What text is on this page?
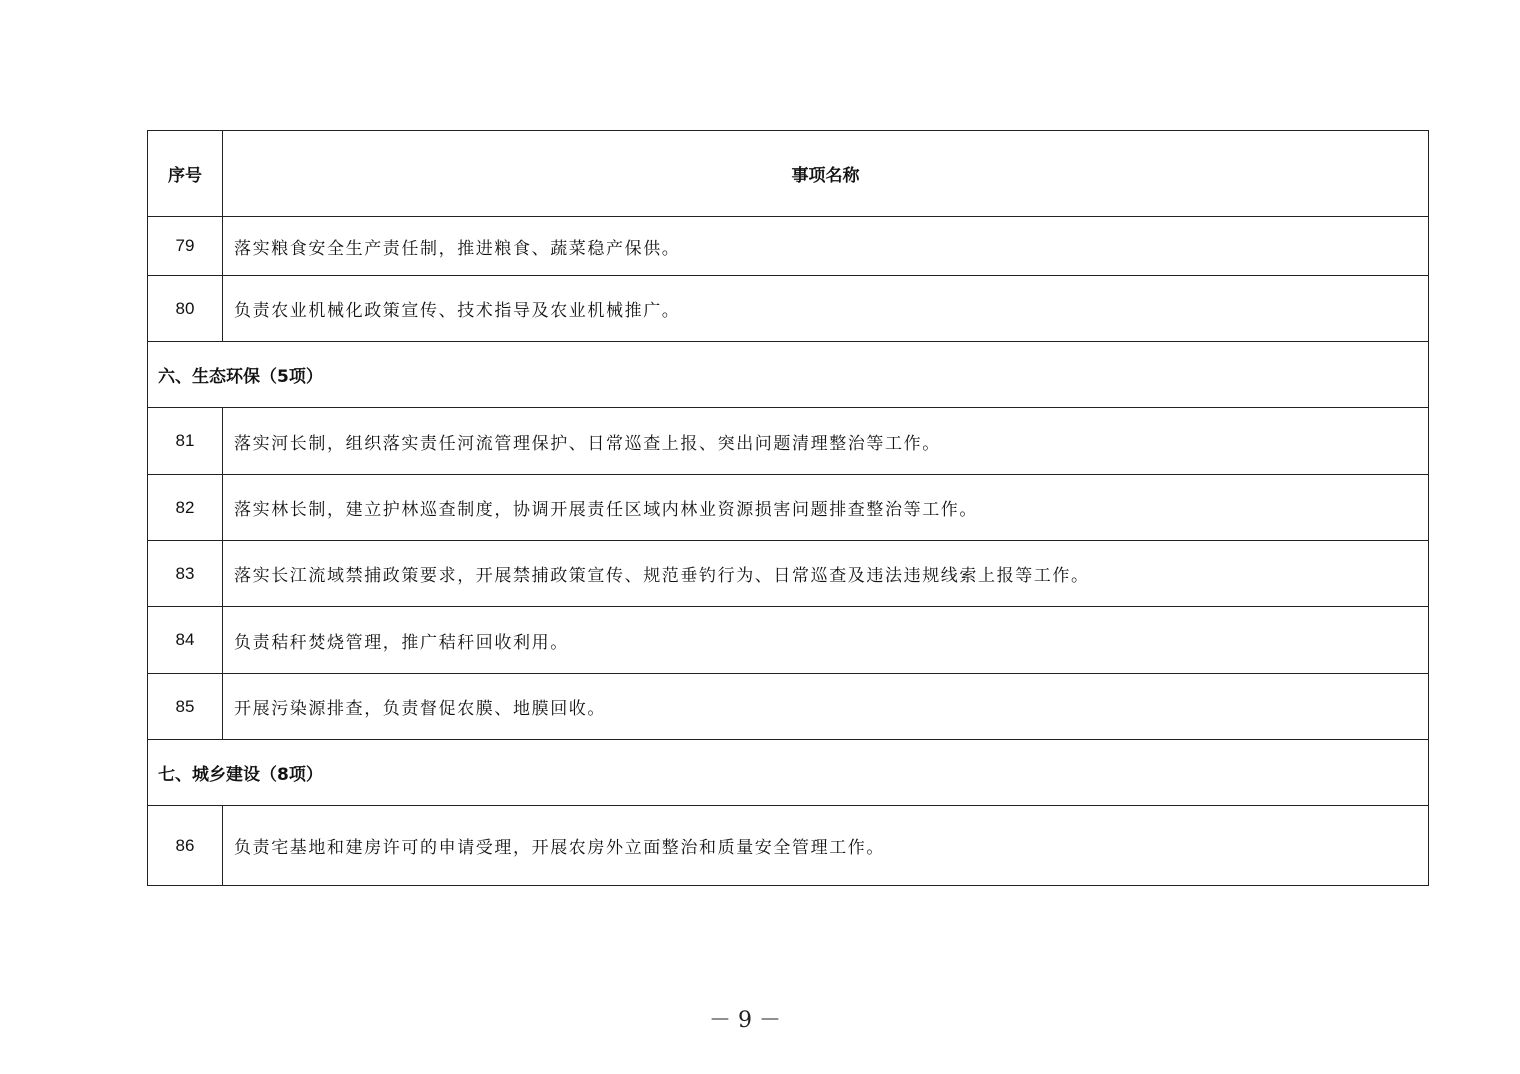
序号	事项名称
79	落实粮食安全生产责任制，推进粮食、蔬菜稳产保供。
80	负责农业机械化政策宣传、技术指导及农业机械推广。
六、生态环保（5项）	
81	落实河长制，组织落实责任河流管理保护、日常巡查上报、突出问题清理整治等工作。
82	落实林长制，建立护林巡查制度，协调开展责任区域内林业资源损害问题排查整治等工作。
83	落实长江流域禁捕政策要求，开展禁捕政策宣传、规范垂钓行为、日常巡查及违法违规线索上报等工作。
84	负责秸秆焚烧管理，推广秸秆回收利用。
85	开展污染源排查，负责督促农膜、地膜回收。
七、城乡建设（8项）	
86	负责宅基地和建房许可的申请受理，开展农房外立面整治和质量安全管理工作。
－ 9 －
